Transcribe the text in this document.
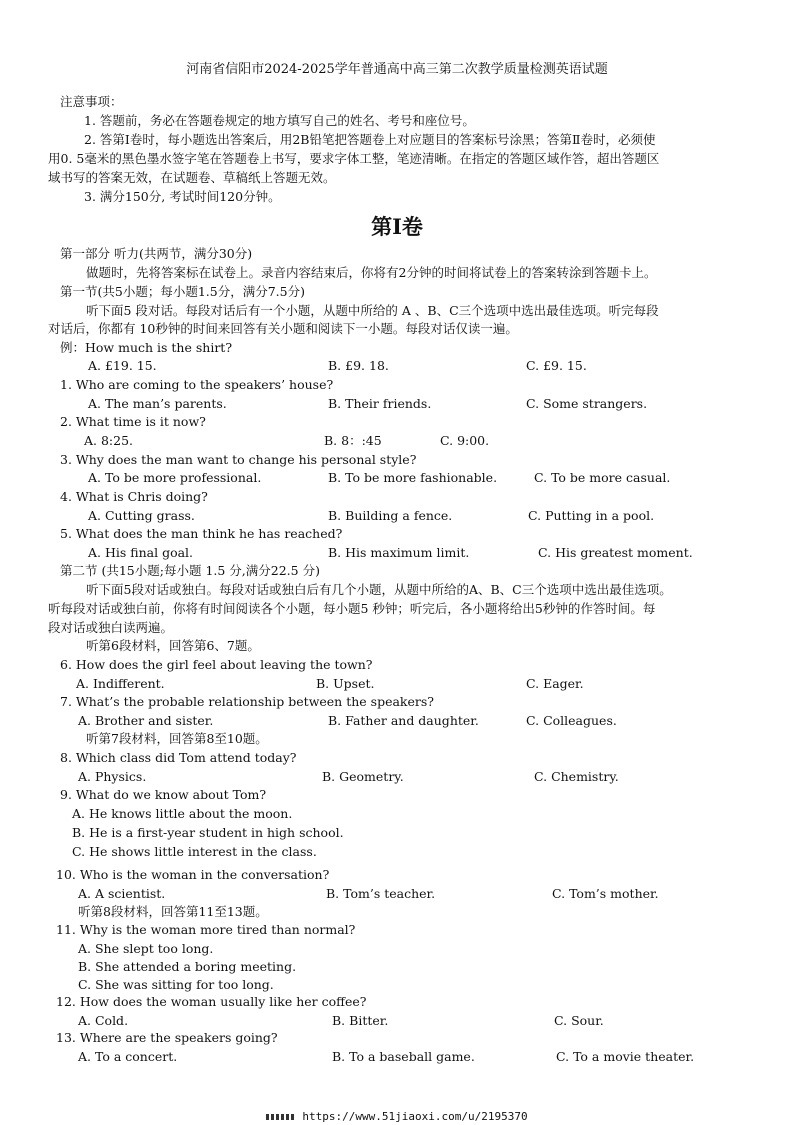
河南省信阳市2024-2025学年普通高中高三第二次教学质量检测英语试题
注意事项：
1. 答题前，务必在答题卷规定的地方填写自己的姓名、考号和座位号。
2. 答第Ⅰ卷时，每小题选出答案后，用2B铅笔把答题卷上对应题目的答案标号涂黑；答第Ⅱ卷时，必须使
用0. 5毫米的黑色墨水签字笔在答题卷上书写，要求字体工整，笔迹清晰。在指定的答题区域作答，超出答题区
域书写的答案无效，在试题卷、草稿纸上答题无效。
3. 满分150分, 考试时间120分钟。
第Ⅰ卷
第一部分 听力(共两节，满分30分)
做题时，先将答案标在试卷上。录音内容结束后，你将有2分钟的时间将试卷上的答案转涂到答题卡上。
第一节(共5小题；每小题1.5分，满分7.5分)
听下面5 段对话。每段对话后有一个小题，从题中所给的 A 、B、C三个选项中选出最佳选项。听完每段
对话后，你都有 10秒钟的时间来回答有关小题和阅读下一小题。每段对话仅读一遍。
例：How much is the shirt?
A. £19. 15.	B. £9. 18.	C. £9. 15.
1. Who are coming to the speakers’ house?
A. The man’s parents.	B. Their friends.	C. Some strangers.
2. What time is it now?
A. 8:25.	B. 8：:45	C. 9:00.
3. Why does the man want to change his personal style?
A. To be more professional.	B. To be more fashionable.	C. To be more casual.
4. What is Chris doing?
A. Cutting grass.	B. Building a fence.	C. Putting in a pool.
5. What does the man think he has reached?
A. His final goal.	B. His maximum limit.	C. His greatest moment.
第二节 (共15小题;每小题 1.5 分,满分22.5 分)
听下面5段对话或独白。每段对话或独白后有几个小题，从题中所给的A、B、C三个选项中选出最佳选项。
听每段对话或独白前，你将有时间阅读各个小题，每小题5 秒钟；听完后，各小题将给出5秒钟的作答时间。每
段对话或独白读两遍。
听第6段材料，回答第6、7题。
6. How does the girl feel about leaving the town?
A. Indifferent.	B. Upset.	C. Eager.
7. What’s the probable relationship between the speakers?
A. Brother and sister.	B. Father and daughter.	C. Colleagues.
听第7段材料，回答第8至10题。
8. Which class did Tom attend today?
A. Physics.	B. Geometry.	C. Chemistry.
9. What do we know about Tom?
A. He knows little about the moon.
B. He is a first-year student in high school.
C. He shows little interest in the class.
10. Who is the woman in the conversation?
A. A scientist.	B. Tom’s teacher.	C. Tom’s mother.
听第8段材料，回答第11至13题。
11. Why is the woman more tired than normal?
A. She slept too long.
B. She attended a boring meeting.
C. She was sitting for too long.
12. How does the woman usually like her coffee?
A. Cold.	B. Bitter.	C. Sour.
13. Where are the speakers going?
A. To a concert.	B. To a baseball game.	C. To a movie theater.
https://www.51jiaoxi.com/u/2195370
